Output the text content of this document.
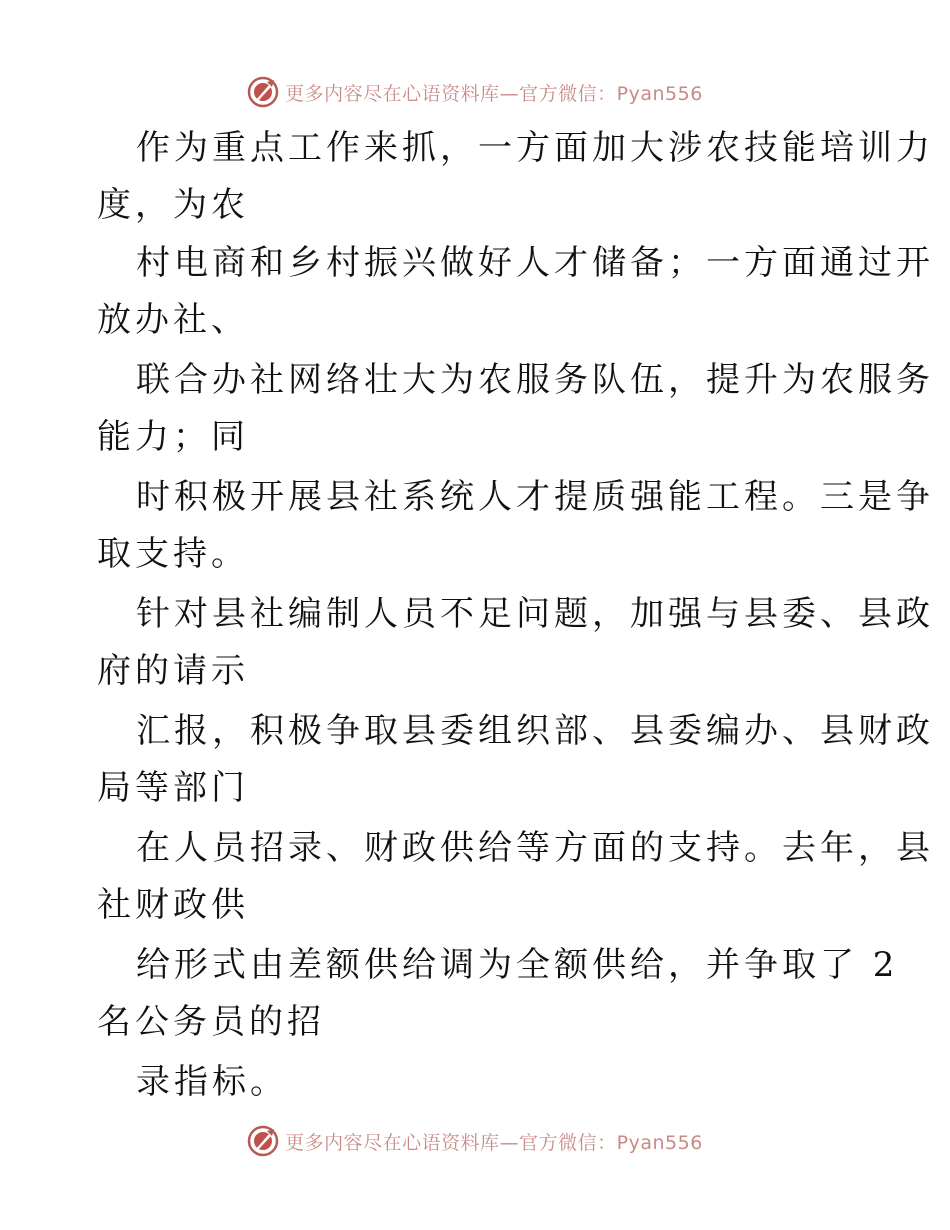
更多内容尽在心语资料库—官方微信：Pyan556
作为重点工作来抓，一方面加大涉农技能培训力
度，为农
村电商和乡村振兴做好人才储备；一方面通过开
放办社、
联合办社网络壮大为农服务队伍，提升为农服务
能力；同
时积极开展县社系统人才提质强能工程。三是争
取支持。
针对县社编制人员不足问题，加强与县委、县政
府的请示
汇报，积极争取县委组织部、县委编办、县财政
局等部门
在人员招录、财政供给等方面的支持。去年，县
社财政供
给形式由差额供给调为全额供给，并争取了 2
名公务员的招
录指标。
更多内容尽在心语资料库—官方微信：Pyan556
